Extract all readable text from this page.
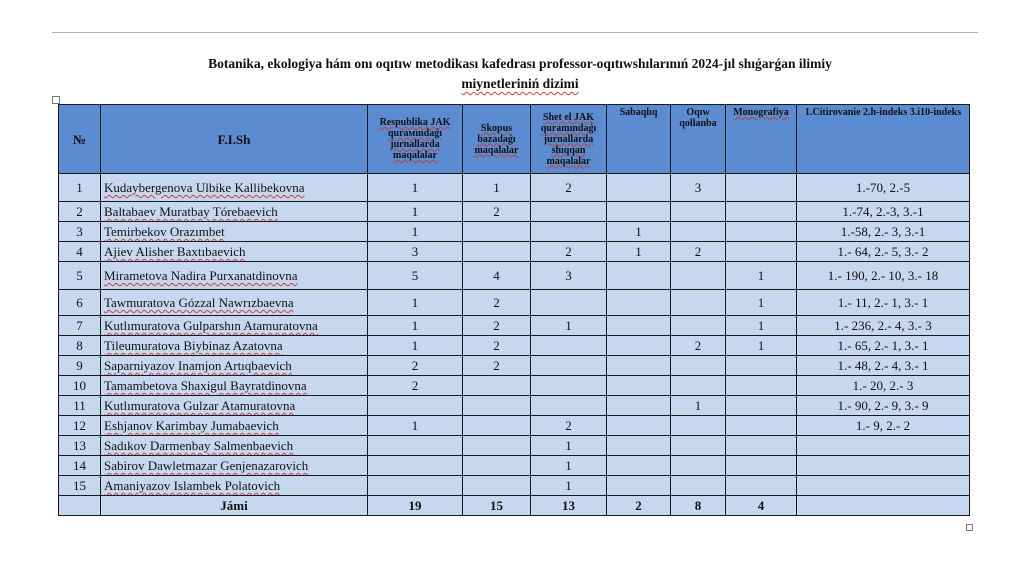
Botanika, ekologiya hám onı oqıtıw metodikası kafedrası professor-oqıtıwshılarınıń 2024-jıl shıǵarǵan ilimiy
miynetleriniń dizimi
№	F.I.Sh	Respublika JAK qurамındaǵı jurnallarda maqalalar	Skopus bazadaǵı maqalalar	Shet el JAK quramındaǵı jurnallarda shıqqan maqalalar	Sabaqlıq	Oqıw qollanba	Monografiya	1.Citirovanie 2.h-indeks 3.i10-indeks
1	Kudaybergenova Ulbike Kallibekovna	1	1	2		3		1.-70, 2.-5
2	Baltabaev Muratbay Tórebaevich	1	2					1.-74, 2.-3, 3.-1
3	Temirbekov Orazımbet	1			1			1.-58, 2.- 3, 3.-1
4	Ajiev Alisher Baxtıbaevich	3		2	1	2		1.- 64, 2.- 5, 3.- 2
5	Mirametova Nadira Purxanatdinovna	5	4	3			1	1.- 190, 2.- 10, 3.- 18
6	Tawmuratova Gózzal Nawrızbaevna	1	2				1	1.- 11, 2.- 1, 3.- 1
7	Kutlımuratova Gulparshın Atamuratovna	1	2	1			1	1.- 236, 2.- 4, 3.- 3
8	Tileumuratova Biybinaz Azatovna	1	2			2	1	1.- 65, 2.- 1, 3.- 1
9	Saparniyazov Inamjon Artıqbaevich	2	2					1.- 48, 2.- 4, 3.- 1
10	Tamambetova Shaxigul Bayratdinovna	2						1.- 20, 2.- 3
11	Kutlımuratova Gulzar Atamuratovna					1		1.- 90, 2.- 9, 3.- 9
12	Eshjanov Karimbay Jumabaevich	1		2				1.- 9, 2.- 2
13	Sadıkov Darmenbay Salmenbaevich			1				
14	Sabirov Dawletmazar Genjenazarovich			1				
15	Amaniyazov Islambek Polatovich			1				
	Jámi	19	15	13	2	8	4	
